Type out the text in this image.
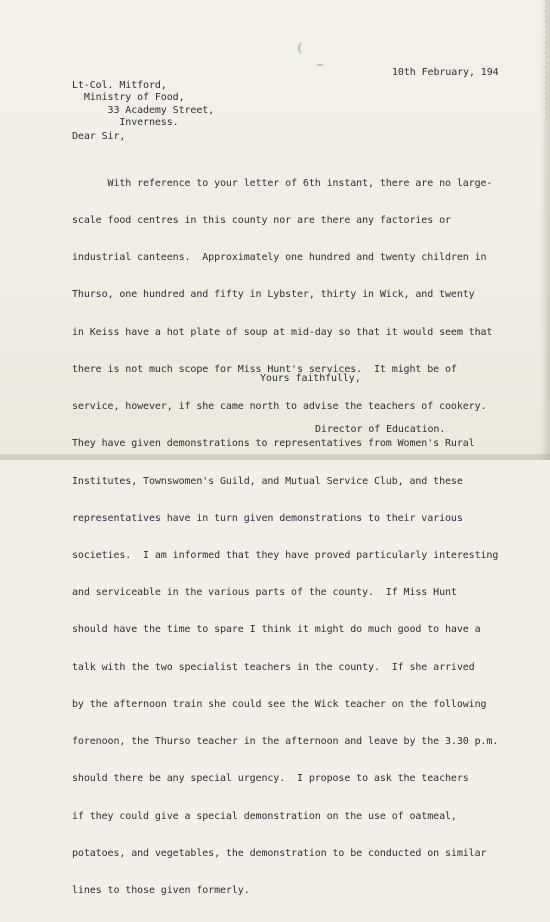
10th February, 194
Lt-Col. Mitford,
Ministry of Food,
33 Academy Street,
Inverness.
Dear Sir,

With reference to your letter of 6th instant, there are no large-

scale food centres in this county nor are there any factories or

industrial canteens.  Approximately one hundred and twenty children in

Thurso, one hundred and fifty in Lybster, thirty in Wick, and twenty

in Keiss have a hot plate of soup at mid-day so that it would seem that

there is not much scope for Miss Hunt's services.  It might be of

service, however, if she came north to advise the teachers of cookery.

They have given demonstrations to representatives from Women's Rural

Institutes, Townswomen's Guild, and Mutual Service Club, and these

representatives have in turn given demonstrations to their various

societies.  I am informed that they have proved particularly interesting

and serviceable in the various parts of the county.  If Miss Hunt

should have the time to spare I think it might do much good to have a

talk with the two specialist teachers in the county.  If she arrived

by the afternoon train she could see the Wick teacher on the following

forenoon, the Thurso teacher in the afternoon and leave by the 3.30 p.m.

should there be any special urgency.  I propose to ask the teachers

if they could give a special demonstration on the use of oatmeal,

potatoes, and vegetables, the demonstration to be conducted on similar

lines to those given formerly.

Yours faithfully,
Director of Education.
